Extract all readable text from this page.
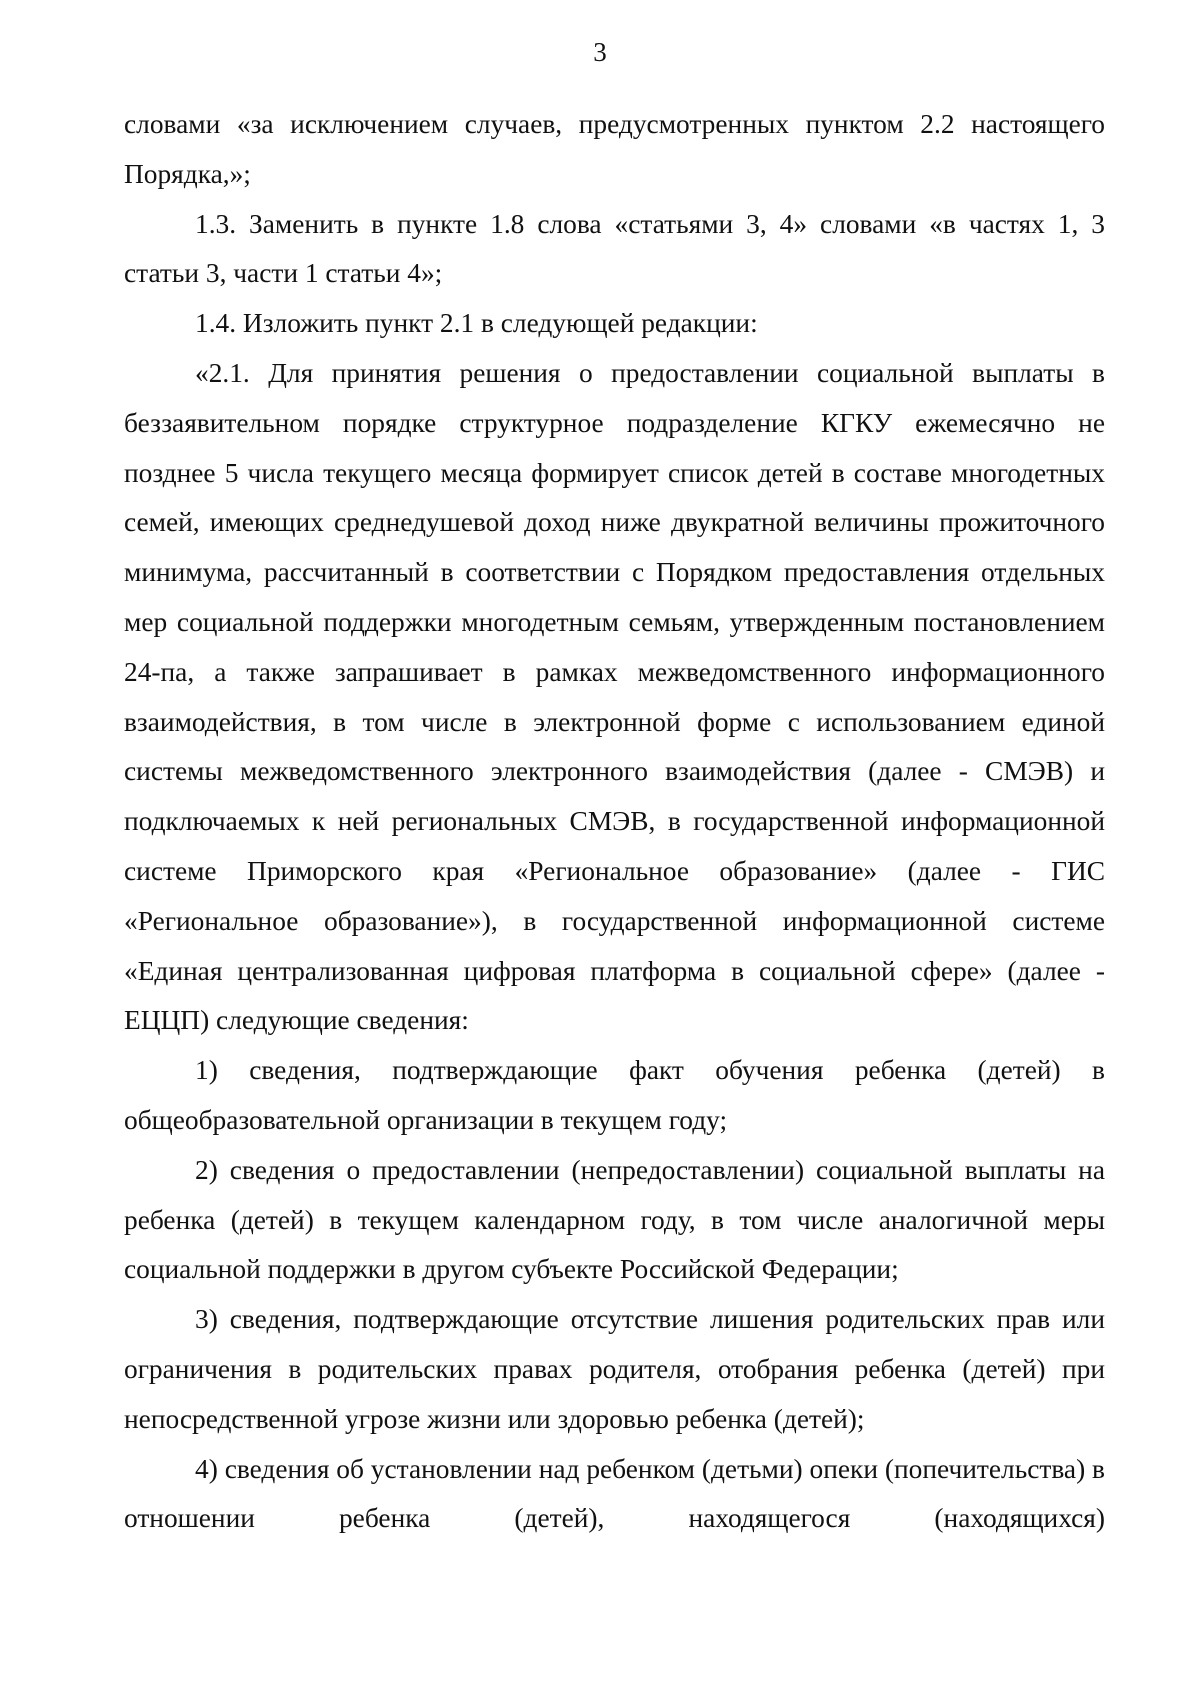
3

словами «за исключением случаев, предусмотренных пунктом 2.2 настоящего Порядка,»;

1.3. Заменить в пункте 1.8 слова «статьями 3, 4» словами «в частях 1, 3 статьи 3, части 1 статьи 4»;

1.4. Изложить пункт 2.1 в следующей редакции:

«2.1. Для принятия решения о предоставлении социальной выплаты в беззаявительном порядке структурное подразделение КГКУ ежемесячно не позднее 5 числа текущего месяца формирует список детей в составе многодетных семей, имеющих среднедушевой доход ниже двукратной величины прожиточного минимума, рассчитанный в соответствии с Порядком предоставления отдельных мер социальной поддержки многодетным семьям, утвержденным постановлением 24-па, а также запрашивает в рамках межведомственного информационного взаимодействия, в том числе в электронной форме с использованием единой системы межведомственного электронного взаимодействия (далее - СМЭВ) и подключаемых к ней региональных СМЭВ, в государственной информационной системе Приморского края «Региональное образование» (далее - ГИС «Региональное образование»), в государственной информационной системе «Единая централизованная цифровая платформа в социальной сфере» (далее - ЕЦЦП) следующие сведения:

1) сведения, подтверждающие факт обучения ребенка (детей) в общеобразовательной организации в текущем году;

2) сведения о предоставлении (непредоставлении) социальной выплаты на ребенка (детей) в текущем календарном году, в том числе аналогичной меры социальной поддержки в другом субъекте Российской Федерации;

3) сведения, подтверждающие отсутствие лишения родительских прав или ограничения в родительских правах родителя, отобрания ребенка (детей) при непосредственной угрозе жизни или здоровью ребенка (детей);

4) сведения об установлении над ребенком (детьми) опеки (попечительства) в отношении ребенка (детей), находящегося (находящихся)
